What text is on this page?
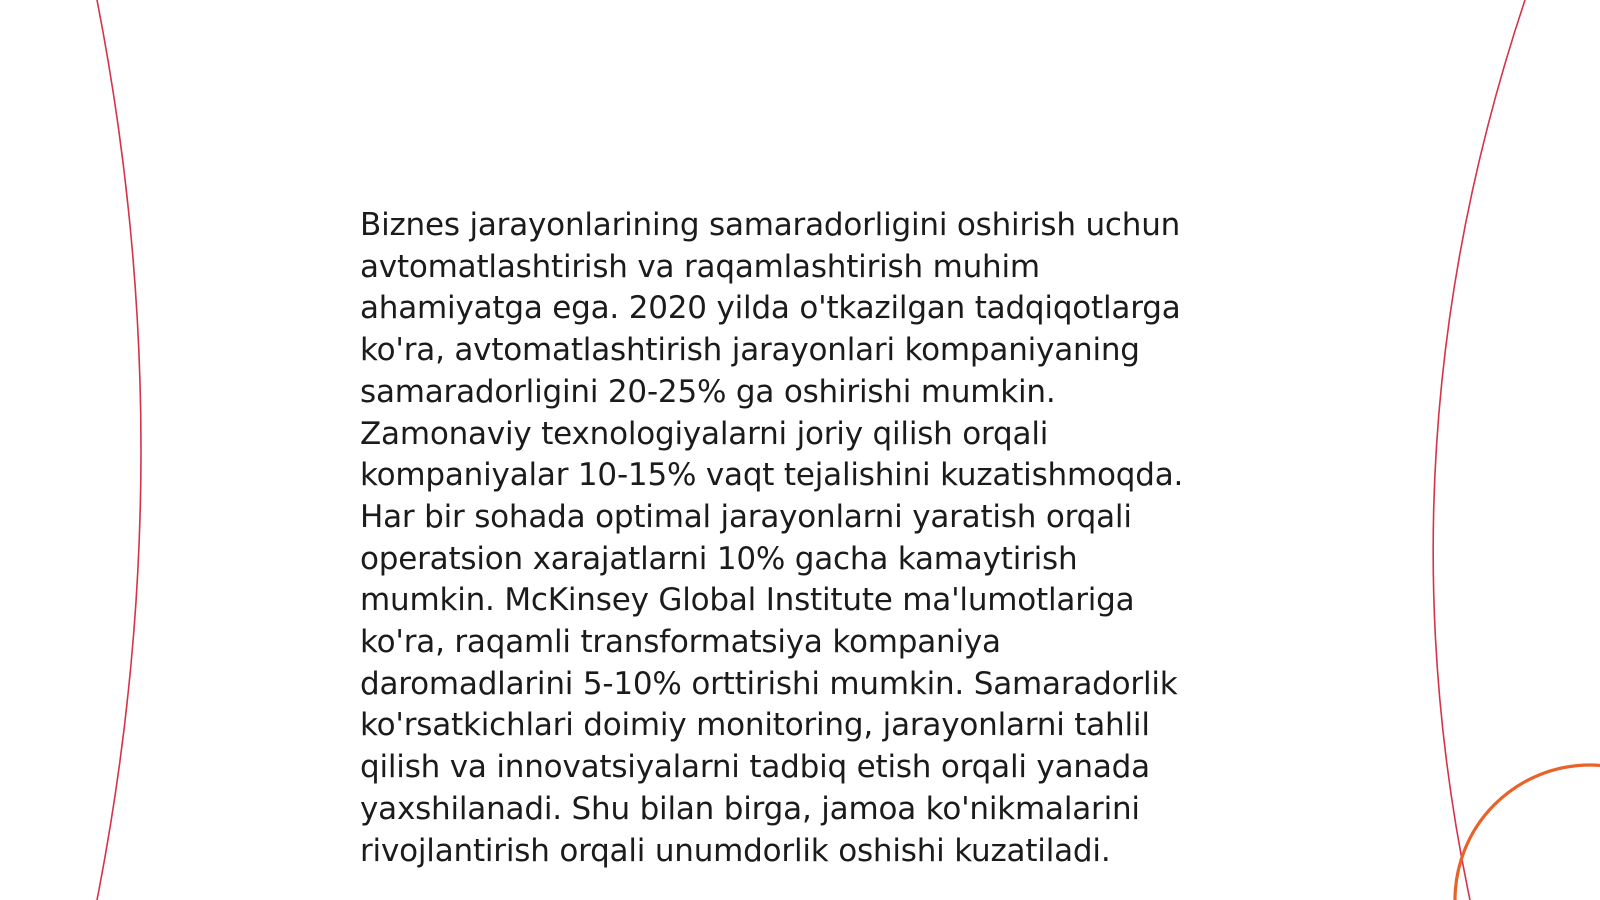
Biznes jarayonlarining samaradorligini oshirish uchun
avtomatlashtirish va raqamlashtirish muhim
ahamiyatga ega. 2020 yilda o'tkazilgan tadqiqotlarga
ko'ra, avtomatlashtirish jarayonlari kompaniyaning
samaradorligini 20-25% ga oshirishi mumkin.
Zamonaviy texnologiyalarni joriy qilish orqali
kompaniyalar 10-15% vaqt tejalishini kuzatishmoqda.
Har bir sohada optimal jarayonlarni yaratish orqali
operatsion xarajatlarni 10% gacha kamaytirish
mumkin. McKinsey Global Institute ma'lumotlariga
ko'ra, raqamli transformatsiya kompaniya
daromadlarini 5-10% orttirishi mumkin. Samaradorlik
ko'rsatkichlari doimiy monitoring, jarayonlarni tahlil
qilish va innovatsiyalarni tadbiq etish orqali yanada
yaxshilanadi. Shu bilan birga, jamoa ko'nikmalarini
rivojlantirish orqali unumdorlik oshishi kuzatiladi.
